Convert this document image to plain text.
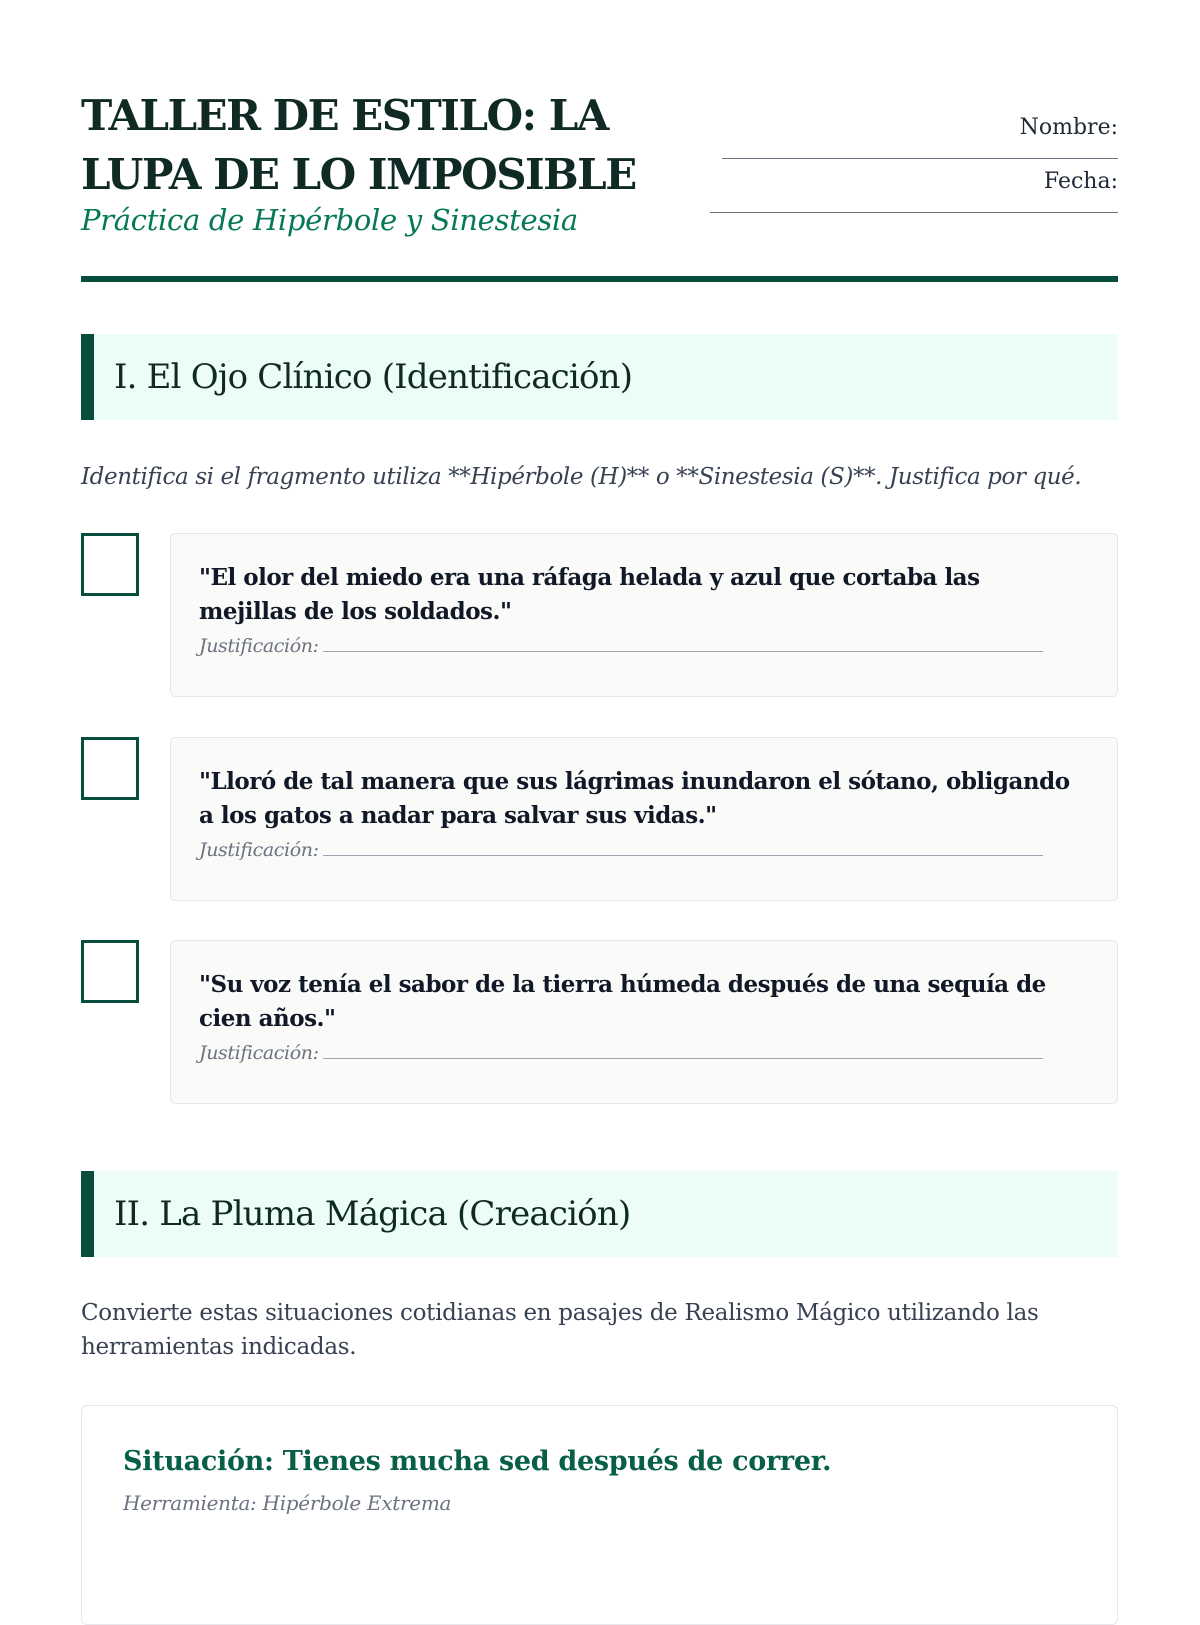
TALLER DE ESTILO: LA LUPA DE LO IMPOSIBLE

Práctica de Hipérbole y Sinestesia

Nombre:
Fecha:
I. El Ojo Clínico (Identificación)

Identifica si el fragmento utiliza **Hipérbole (H)** o **Sinestesia (S)**. Justifica por qué.

"El olor del miedo era una ráfaga helada y azul que cortaba las mejillas de los soldados."

Justificación:

"Lloró de tal manera que sus lágrimas inundaron el sótano, obligando a los gatos a nadar para salvar sus vidas."

Justificación:

"Su voz tenía el sabor de la tierra húmeda después de una sequía de cien años."

Justificación:
II. La Pluma Mágica (Creación)

Convierte estas situaciones cotidianas en pasajes de Realismo Mágico utilizando las herramientas indicadas.

Situación: Tienes mucha sed después de correr.

Herramienta: Hipérbole Extrema
